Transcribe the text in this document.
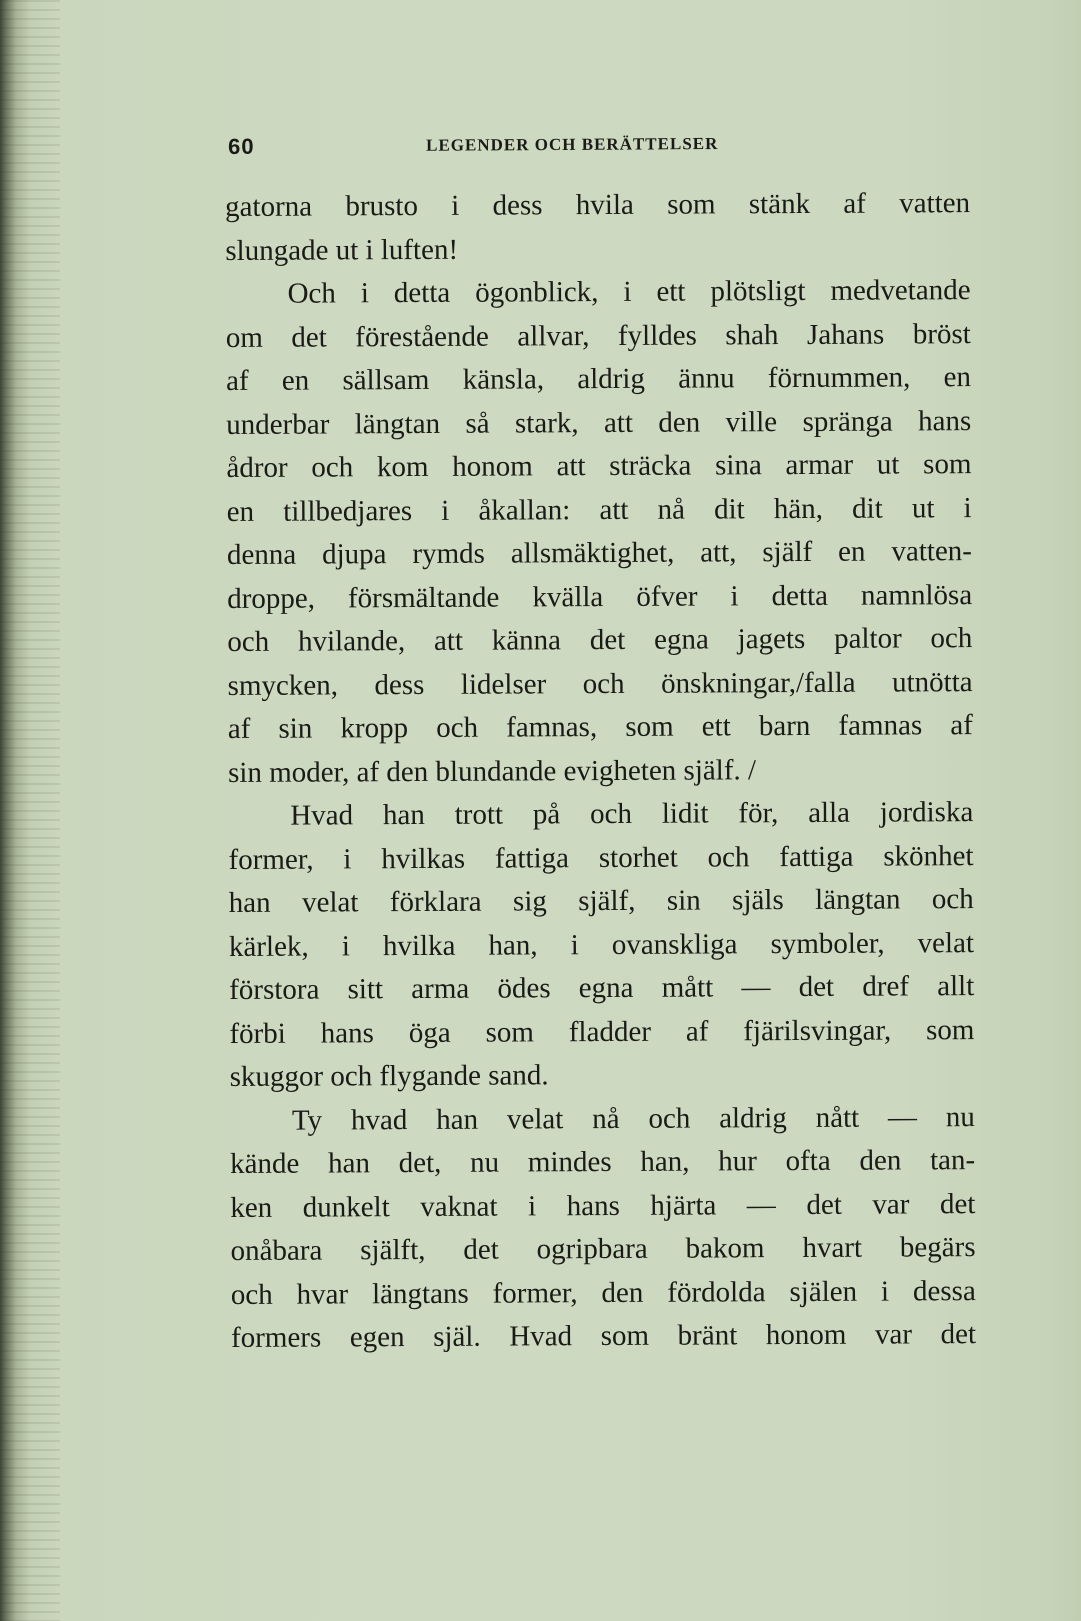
60	LEGENDER OCH BERÄTTELSER
gatorna brusto i dess hvila som stänk af vatten
slungade ut i luften!
Och i detta ögonblick, i ett plötsligt medvetande
om det förestående allvar, fylldes shah Jahans bröst
af en sällsam känsla, aldrig ännu förnummen, en
underbar längtan så stark, att den ville spränga hans
ådror och kom honom att sträcka sina armar ut som
en tillbedjares i åkallan: att nå dit hän, dit ut i
denna djupa rymds allsmäktighet, att, själf en vatten-
droppe, försmältande kvälla öfver i detta namnlösa
och hvilande, att känna det egna jagets paltor och
smycken, dess lidelser och önskningar,/falla utnötta
af sin kropp och famnas, som ett barn famnas af
sin moder, af den blundande evigheten själf. /
Hvad han trott på och lidit för, alla jordiska
former, i hvilkas fattiga storhet och fattiga skönhet
han velat förklara sig själf, sin själs längtan och
kärlek, i hvilka han, i ovanskliga symboler, velat
förstora sitt arma ödes egna mått — det dref allt
förbi hans öga som fladder af fjärilsvingar, som
skuggor och flygande sand.
Ty hvad han velat nå och aldrig nått — nu
kände han det, nu mindes han, hur ofta den tan-
ken dunkelt vaknat i hans hjärta — det var det
onåbara själft, det ogripbara bakom hvart begärs
och hvar längtans former, den fördolda själen i dessa
formers egen själ. Hvad som bränt honom var det
